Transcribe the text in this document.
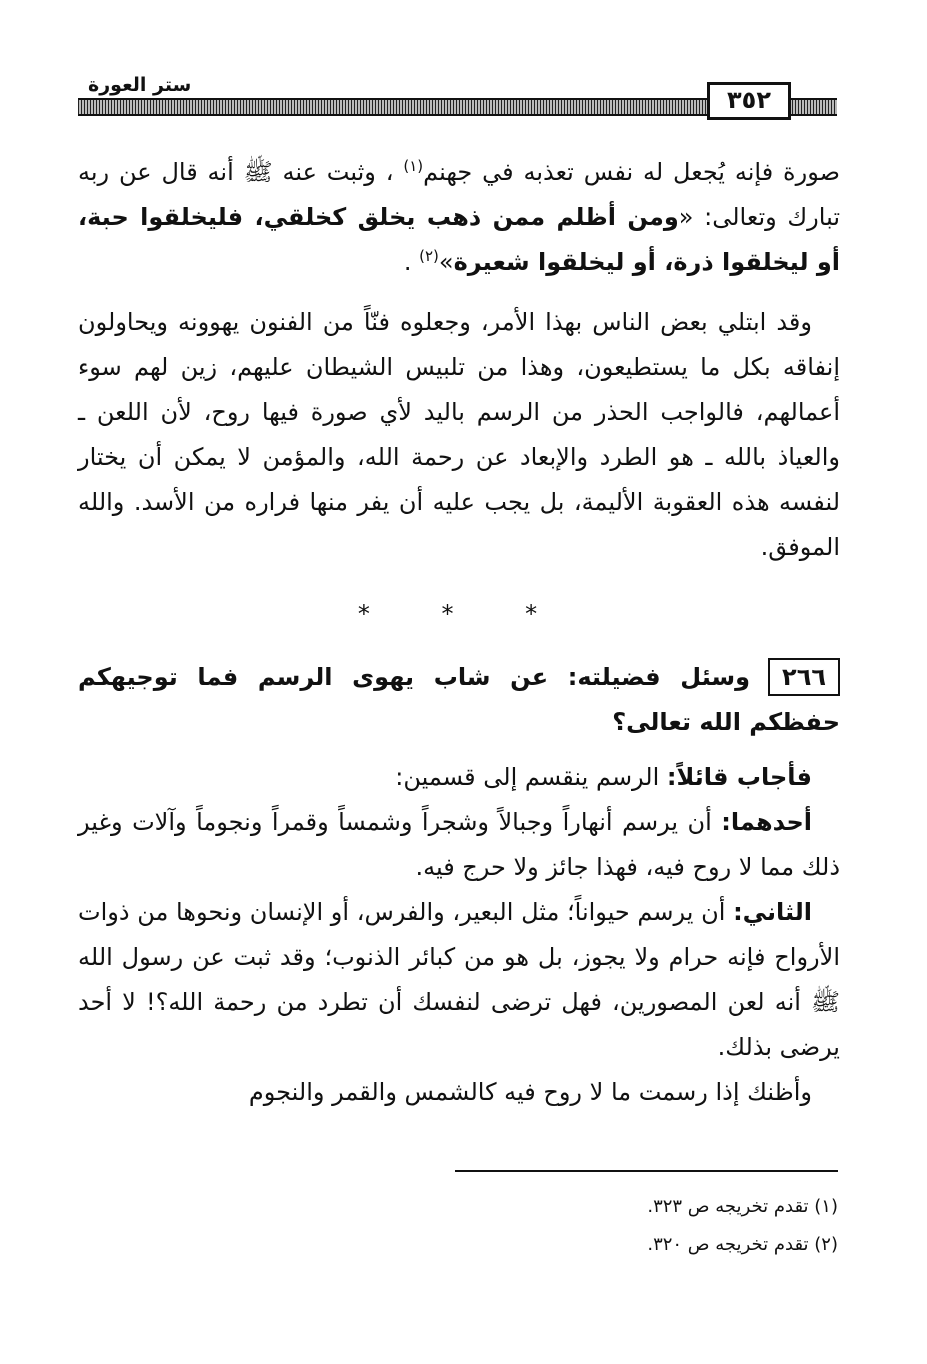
ستر العورة
٣٥٢

صورة فإنه يُجعل له نفس تعذبه في جهنم$^{(١)}$ ، وثبت عنه ﷺ أنه قال عن ربه تبارك وتعالى: «ومن أظلم ممن ذهب يخلق كخلقي، فليخلقوا حبة، أو ليخلقوا ذرة، أو ليخلقوا شعيرة»$^{(٢)}$ .

وقد ابتلي بعض الناس بهذا الأمر، وجعلوه فنّاً من الفنون يهوونه ويحاولون إنفاقه بكل ما يستطيعون، وهذا من تلبيس الشيطان عليهم، زين لهم سوء أعمالهم، فالواجب الحذر من الرسم باليد لأي صورة فيها روح، لأن اللعن ـ والعياذ بالله ـ هو الطرد والإبعاد عن رحمة الله، والمؤمن لا يمكن أن يختار لنفسه هذه العقوبة الأليمة، بل يجب عليه أن يفر منها فراره من الأسد. والله الموفق.

* * *

٢٦٦وسئل فضيلته: عن شاب يهوى الرسم فما توجيهكم حفظكم الله تعالى؟

فأجاب قائلاً: الرسم ينقسم إلى قسمين:

أحدهما: أن يرسم أنهاراً وجبالاً وشجراً وشمساً وقمراً ونجوماً وآلات وغير ذلك مما لا روح فيه، فهذا جائز ولا حرج فيه.

الثاني: أن يرسم حيواناً؛ مثل البعير، والفرس، أو الإنسان ونحوها من ذوات الأرواح فإنه حرام ولا يجوز، بل هو من كبائر الذنوب؛ وقد ثبت عن رسول الله ﷺ أنه لعن المصورين، فهل ترضى لنفسك أن تطرد من رحمة الله؟! لا أحد يرضى بذلك.

وأظنك إذا رسمت ما لا روح فيه كالشمس والقمر والنجوم

(١) تقدم تخريجه ص ٣٢٣.
(٢) تقدم تخريجه ص ٣٢٠.
